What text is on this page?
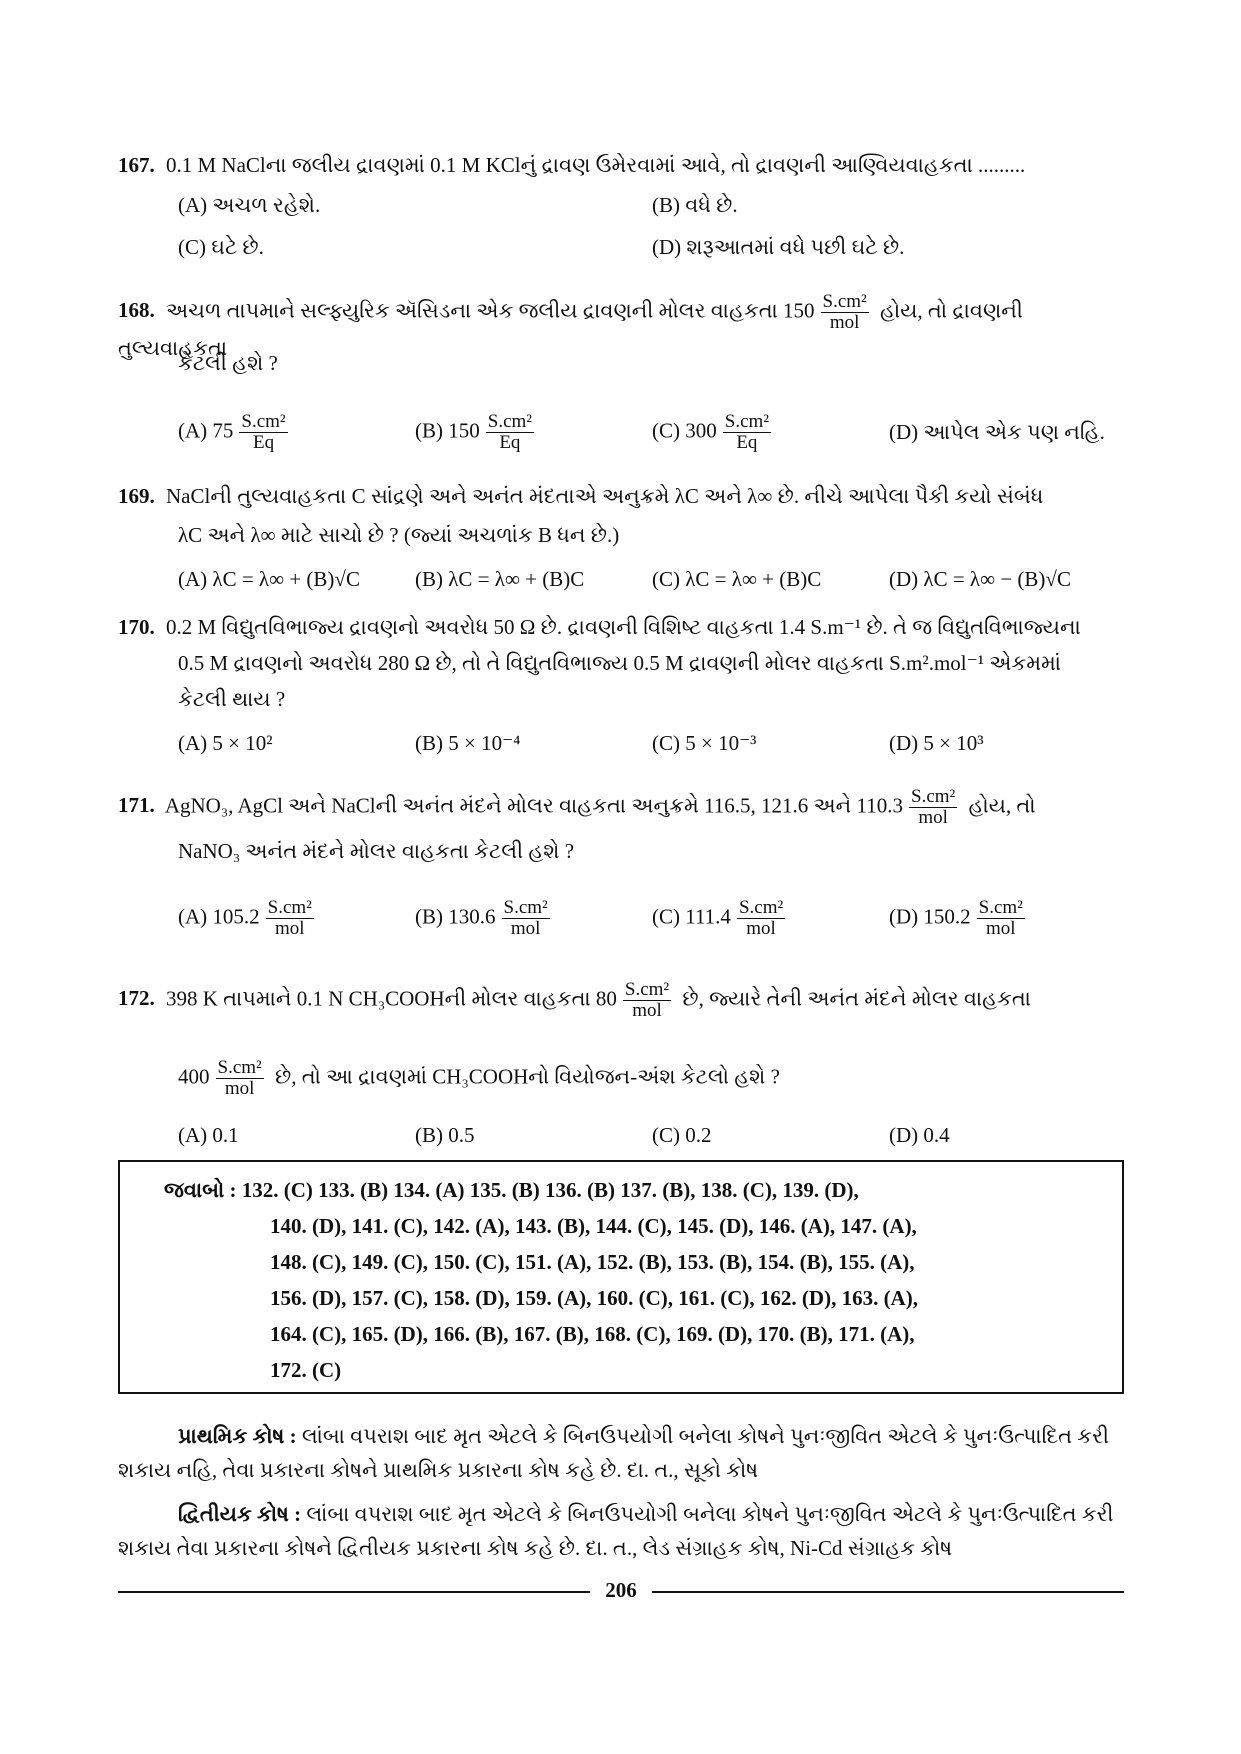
167. 0.1 M NaClના જલીય દ્રાવણમાં 0.1 M KClનું દ્રાવણ ઉમેરવામાં આવે, તો દ્રાવણની આણ્વિયવાહકતા .........
(A) અચળ રહેશે.	(B) વધે છે.
(C) ઘટે છે.	(D) શરૂઆતમાં વધે પછી ઘટે છે.
168. અચળ તાપમાને સલ્ફ્યુરિક ઍસિડના એક જલીય દ્રાવણની મોલર વાહકતા $150 \frac{\text{S.cm²}}{\text{mol}}$ હોય, તો દ્રાવણની તુલ્યવાહકતા
કેટલી હશે ?
(A) $75 \frac{\text{S.cm²}}{Eq}$	(B) $150 \frac{\text{S.cm²}}{Eq}$	(C) $300 \frac{\text{S.cm²}}{Eq}$	(D) આપેલ એક પણ નહિ.
169. NaClની તુલ્યવાહકતા C સાંદ્રણે અને અનંત મંદતાએ અનુક્રમે λC અને λ∞ છે. નીચે આપેલા પૈકી કયો સંબંધ
λC અને λ∞ માટે સાચો છે ? (જ્યાં અચળાંક B ધન છે.)
(A) λC = λ∞ + (B)√C	(B) λC = λ∞ + (B)C	(C) λC = λ∞ + (B)C	(D) λC = λ∞ − (B)√C
170. 0.2 M વિદ્યુતવિભાજ્ય દ્રાવણનો અવરોધ 50 Ω છે. દ્રાવણની વિશિષ્ટ વાહકતા 1.4 S.m⁻¹ છે. તે જ વિદ્યુતવિભાજ્યના
0.5 M દ્રાવણનો અવરોધ 280 Ω છે, તો તે વિદ્યુતવિભાજ્ય 0.5 M દ્રાવણની મોલર વાહકતા S.m².mol⁻¹ એકમમાં
કેટલી થાય ?
(A) 5 × 10²	(B) 5 × 10⁻⁴	(C) 5 × 10⁻³	(D) 5 × 10³
171. AgNO₃, AgCl અને NaClની અનંત મંદને મોલર વાહકતા અનુક્રમે 116.5, 121.6 અને $110.3 \frac{\text{S.cm²}}{\text{mol}}$ હોય, તો
NaNO₃ અનંત મંદને મોલર વાહકતા કેટલી હશે ?
(A) $105.2 \frac{\text{S.cm²}}{\text{mol}}$	(B) $130.6 \frac{\text{S.cm²}}{\text{mol}}$	(C) $111.4 \frac{\text{S.cm²}}{\text{mol}}$	(D) $150.2 \frac{\text{S.cm²}}{\text{mol}}$
172. 398 K તાપમાને 0.1 N CH₃COOHની મોલર વાહકતા $80 \frac{\text{S.cm²}}{\text{mol}}$ છે, જ્યારે તેની અનંત મંદને મોલર વાહકતા
$400 \frac{\text{S.cm²}}{\text{mol}}$ છે, તો આ દ્રાવણમાં CH₃COOHનો વિયોજન-અંશ કેટલો હશે ?
(A) 0.1	(B) 0.5	(C) 0.2	(D) 0.4
જવાબો : 132. (C) 133. (B) 134. (A) 135. (B) 136. (B) 137. (B), 138. (C), 139. (D),
140. (D), 141. (C), 142. (A), 143. (B), 144. (C), 145. (D), 146. (A), 147. (A),
148. (C), 149. (C), 150. (C), 151. (A), 152. (B), 153. (B), 154. (B), 155. (A),
156. (D), 157. (C), 158. (D), 159. (A), 160. (C), 161. (C), 162. (D), 163. (A),
164. (C), 165. (D), 166. (B), 167. (B), 168. (C), 169. (D), 170. (B), 171. (A),
172. (C)
પ્રાથમિક કોષ : લાંબા વપરાશ બાદ મૃત એટલે કે બિનઉપયોગી બનેલા કોષને પુનઃજીવિત એટલે કે પુનઃઉત્પાદિત કરી
શકાય નહિ, તેવા પ્રકારના કોષને પ્રાથમિક પ્રકારના કોષ કહે છે. દા. ત., સૂકો કોષ
દ્વિતીયક કોષ : લાંબા વપરાશ બાદ મૃત એટલે કે બિનઉપયોગી બનેલા કોષને પુનઃજીવિત એટલે કે પુનઃઉત્પાદિત કરી
શકાય તેવા પ્રકારના કોષને દ્વિતીયક પ્રકારના કોષ કહે છે. દા. ત., લેડ સંગ્રાહક કોષ, Ni-Cd સંગ્રાહક કોષ
206
